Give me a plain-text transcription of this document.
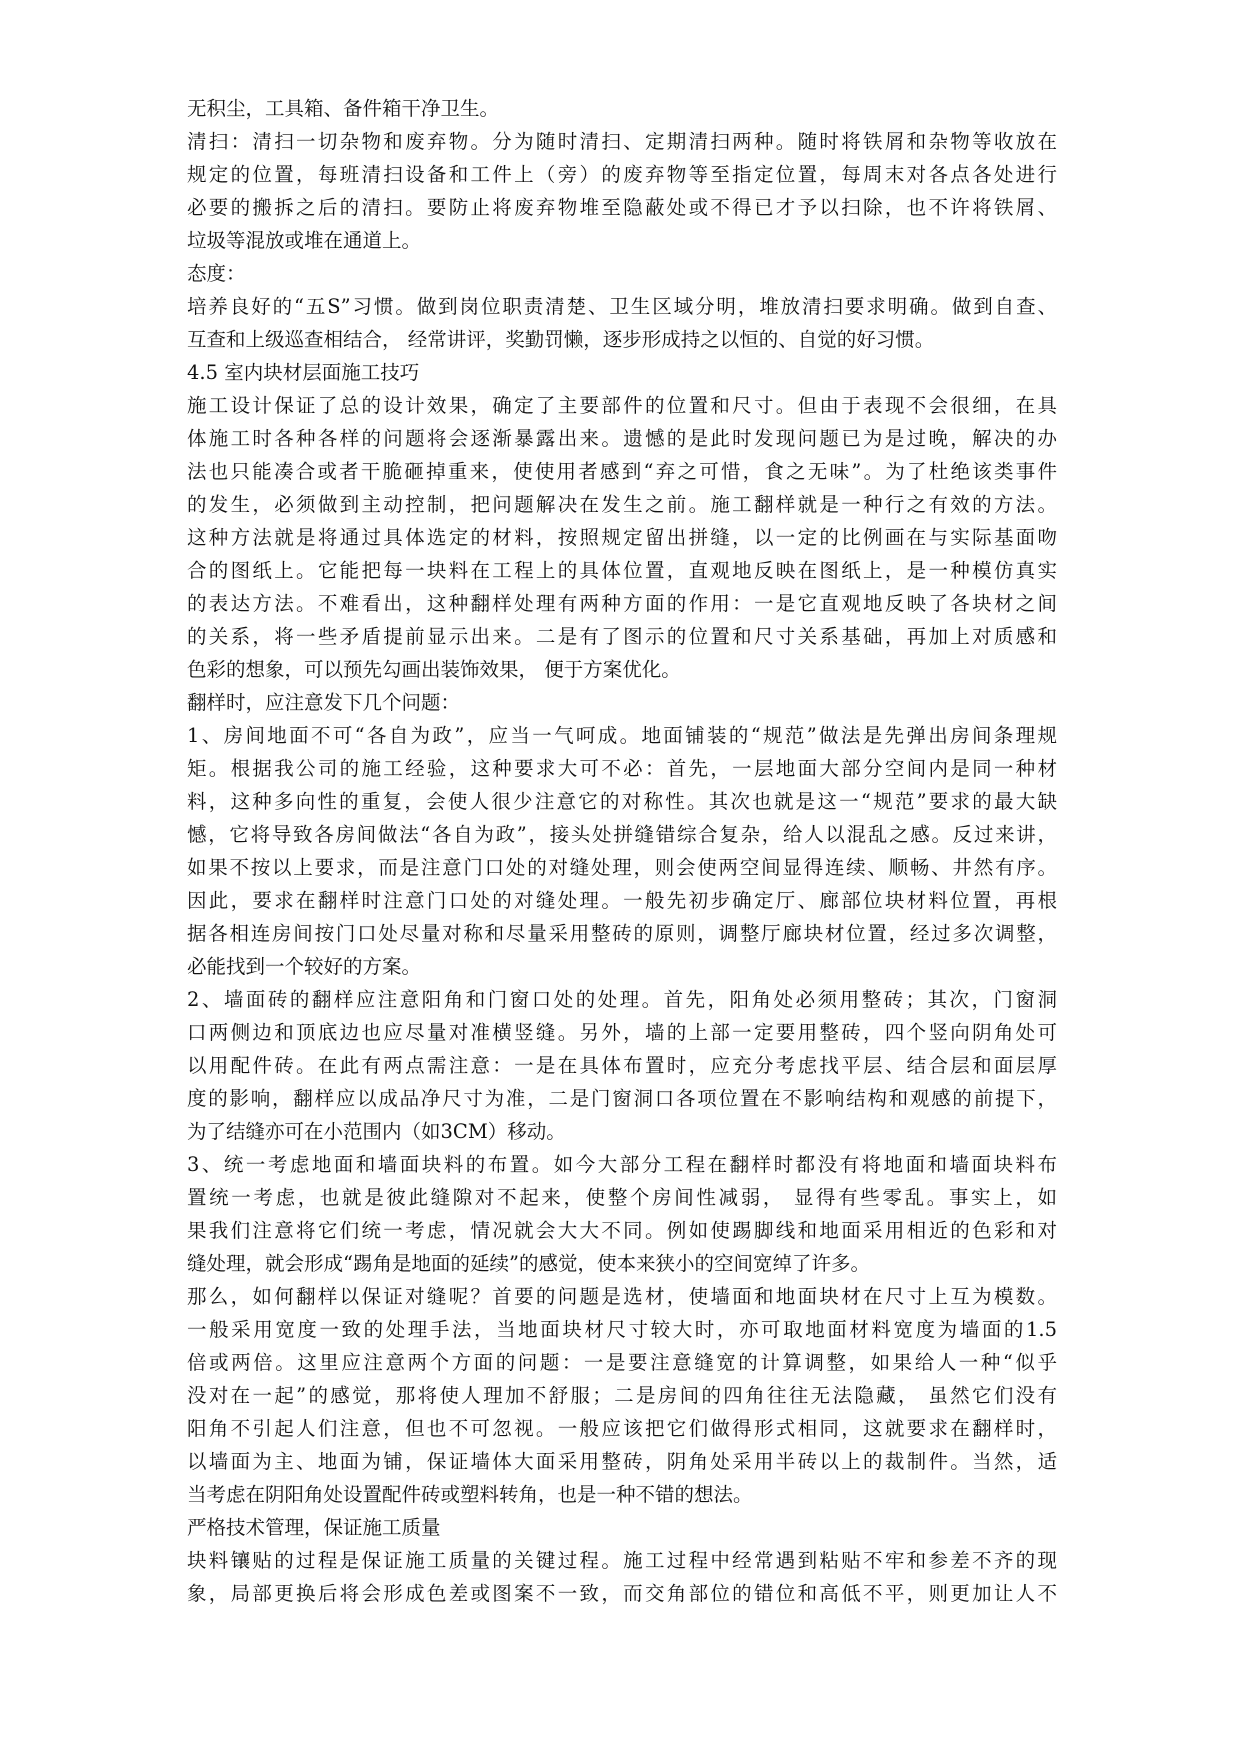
无积尘，工具箱、备件箱干净卫生。
清扫：清扫一切杂物和废弃物。分为随时清扫、定期清扫两种。随时将铁屑和杂物等收放在
规定的位置，每班清扫设备和工件上（旁）的废弃物等至指定位置，每周末对各点各处进行
必要的搬拆之后的清扫。要防止将废弃物堆至隐蔽处或不得已才予以扫除，也不许将铁屑、
垃圾等混放或堆在通道上。
态度：
培养良好的“五S”习惯。做到岗位职责清楚、卫生区域分明，堆放清扫要求明确。做到自查、
互查和上级巡查相结合， 经常讲评，奖勤罚懒，逐步形成持之以恒的、自觉的好习惯。
4.5 室内块材层面施工技巧
施工设计保证了总的设计效果，确定了主要部件的位置和尺寸。但由于表现不会很细，在具
体施工时各种各样的问题将会逐渐暴露出来。遗憾的是此时发现问题已为是过晚，解决的办
法也只能凑合或者干脆砸掉重来，使使用者感到“弃之可惜，食之无味”。为了杜绝该类事件
的发生，必须做到主动控制，把问题解决在发生之前。施工翻样就是一种行之有效的方法。
这种方法就是将通过具体选定的材料，按照规定留出拼缝，以一定的比例画在与实际基面吻
合的图纸上。它能把每一块料在工程上的具体位置，直观地反映在图纸上，是一种模仿真实
的表达方法。不难看出，这种翻样处理有两种方面的作用：一是它直观地反映了各块材之间
的关系，将一些矛盾提前显示出来。二是有了图示的位置和尺寸关系基础，再加上对质感和
色彩的想象，可以预先勾画出装饰效果， 便于方案优化。
翻样时，应注意发下几个问题：
1、房间地面不可“各自为政”，应当一气呵成。地面铺装的“规范”做法是先弹出房间条理规
矩。根据我公司的施工经验，这种要求大可不必：首先，一层地面大部分空间内是同一种材
料，这种多向性的重复，会使人很少注意它的对称性。其次也就是这一“规范”要求的最大缺
憾，它将导致各房间做法“各自为政”，接头处拼缝错综合复杂，给人以混乱之感。反过来讲，
如果不按以上要求，而是注意门口处的对缝处理，则会使两空间显得连续、顺畅、井然有序。
因此，要求在翻样时注意门口处的对缝处理。一般先初步确定厅、廊部位块材料位置，再根
据各相连房间按门口处尽量对称和尽量采用整砖的原则，调整厅廊块材位置，经过多次调整，
必能找到一个较好的方案。
2、墙面砖的翻样应注意阳角和门窗口处的处理。首先，阳角处必须用整砖；其次，门窗洞
口两侧边和顶底边也应尽量对准横竖缝。另外，墙的上部一定要用整砖，四个竖向阴角处可
以用配件砖。在此有两点需注意：一是在具体布置时，应充分考虑找平层、结合层和面层厚
度的影响，翻样应以成品净尺寸为准，二是门窗洞口各项位置在不影响结构和观感的前提下，
为了结缝亦可在小范围内（如3CM）移动。
3、统一考虑地面和墙面块料的布置。如今大部分工程在翻样时都没有将地面和墙面块料布
置统一考虑，也就是彼此缝隙对不起来，使整个房间性减弱， 显得有些零乱。事实上，如
果我们注意将它们统一考虑，情况就会大大不同。例如使踢脚线和地面采用相近的色彩和对
缝处理，就会形成“踢角是地面的延续”的感觉，使本来狭小的空间宽绰了许多。
那么，如何翻样以保证对缝呢？首要的问题是选材，使墙面和地面块材在尺寸上互为模数。
一般采用宽度一致的处理手法，当地面块材尺寸较大时，亦可取地面材料宽度为墙面的1.5
倍或两倍。这里应注意两个方面的问题：一是要注意缝宽的计算调整，如果给人一种“似乎
没对在一起”的感觉，那将使人理加不舒服；二是房间的四角往往无法隐藏， 虽然它们没有
阳角不引起人们注意，但也不可忽视。一般应该把它们做得形式相同，这就要求在翻样时，
以墙面为主、地面为铺，保证墙体大面采用整砖，阴角处采用半砖以上的裁制件。当然，适
当考虑在阴阳角处设置配件砖或塑料转角，也是一种不错的想法。
严格技术管理，保证施工质量
块料镶贴的过程是保证施工质量的关键过程。施工过程中经常遇到粘贴不牢和参差不齐的现
象，局部更换后将会形成色差或图案不一致，而交角部位的错位和高低不平，则更加让人不
